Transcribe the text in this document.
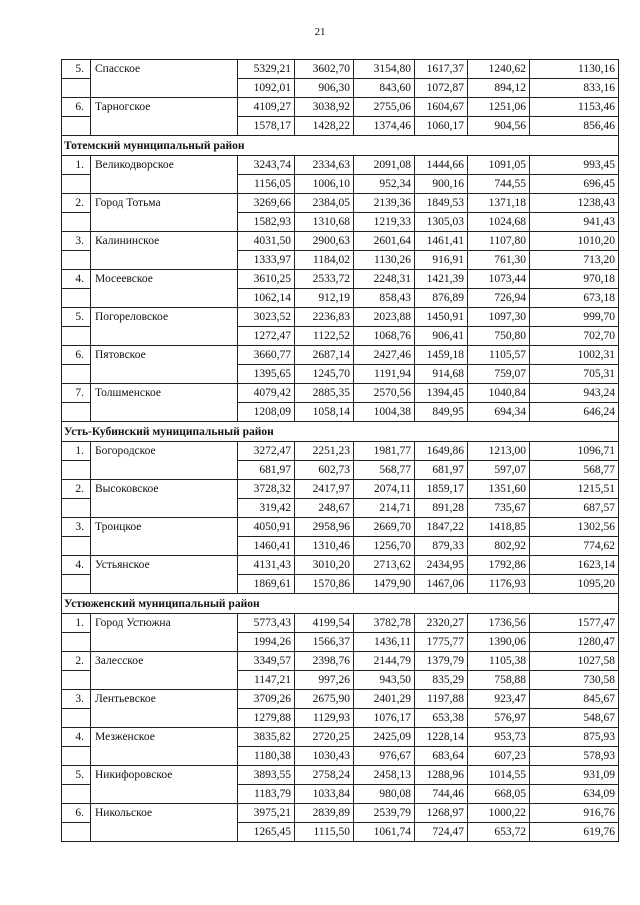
21
5.	Спасское	5329,21	3602,70	3154,80	1617,37	1240,62	1130,16
		1092,01	906,30	843,60	1072,87	894,12	833,16
6.	Тарногское	4109,27	3038,92	2755,06	1604,67	1251,06	1153,46
		1578,17	1428,22	1374,46	1060,17	904,56	856,46
Тотемский муниципальный район							
1.	Великодворское	3243,74	2334,63	2091,08	1444,66	1091,05	993,45
		1156,05	1006,10	952,34	900,16	744,55	696,45
2.	Город Тотьма	3269,66	2384,05	2139,36	1849,53	1371,18	1238,43
		1582,93	1310,68	1219,33	1305,03	1024,68	941,43
3.	Калининское	4031,50	2900,63	2601,64	1461,41	1107,80	1010,20
		1333,97	1184,02	1130,26	916,91	761,30	713,20
4.	Мосеевское	3610,25	2533,72	2248,31	1421,39	1073,44	970,18
		1062,14	912,19	858,43	876,89	726,94	673,18
5.	Погореловское	3023,52	2236,83	2023,88	1450,91	1097,30	999,70
		1272,47	1122,52	1068,76	906,41	750,80	702,70
6.	Пятовское	3660,77	2687,14	2427,46	1459,18	1105,57	1002,31
		1395,65	1245,70	1191,94	914,68	759,07	705,31
7.	Толшменское	4079,42	2885,35	2570,56	1394,45	1040,84	943,24
		1208,09	1058,14	1004,38	849,95	694,34	646,24
Усть-Кубинский муниципальный район							
1.	Богородское	3272,47	2251,23	1981,77	1649,86	1213,00	1096,71
		681,97	602,73	568,77	681,97	597,07	568,77
2.	Высоковское	3728,32	2417,97	2074,11	1859,17	1351,60	1215,51
		319,42	248,67	214,71	891,28	735,67	687,57
3.	Троицкое	4050,91	2958,96	2669,70	1847,22	1418,85	1302,56
		1460,41	1310,46	1256,70	879,33	802,92	774,62
4.	Устьянское	4131,43	3010,20	2713,62	2434,95	1792,86	1623,14
		1869,61	1570,86	1479,90	1467,06	1176,93	1095,20
Устюженский муниципальный район							
1.	Город Устюжна	5773,43	4199,54	3782,78	2320,27	1736,56	1577,47
		1994,26	1566,37	1436,11	1775,77	1390,06	1280,47
2.	Залесское	3349,57	2398,76	2144,79	1379,79	1105,38	1027,58
		1147,21	997,26	943,50	835,29	758,88	730,58
3.	Лентьевское	3709,26	2675,90	2401,29	1197,88	923,47	845,67
		1279,88	1129,93	1076,17	653,38	576,97	548,67
4.	Мезженское	3835,82	2720,25	2425,09	1228,14	953,73	875,93
		1180,38	1030,43	976,67	683,64	607,23	578,93
5.	Никифоровское	3893,55	2758,24	2458,13	1288,96	1014,55	931,09
		1183,79	1033,84	980,08	744,46	668,05	634,09
6.	Никольское	3975,21	2839,89	2539,79	1268,97	1000,22	916,76
		1265,45	1115,50	1061,74	724,47	653,72	619,76
